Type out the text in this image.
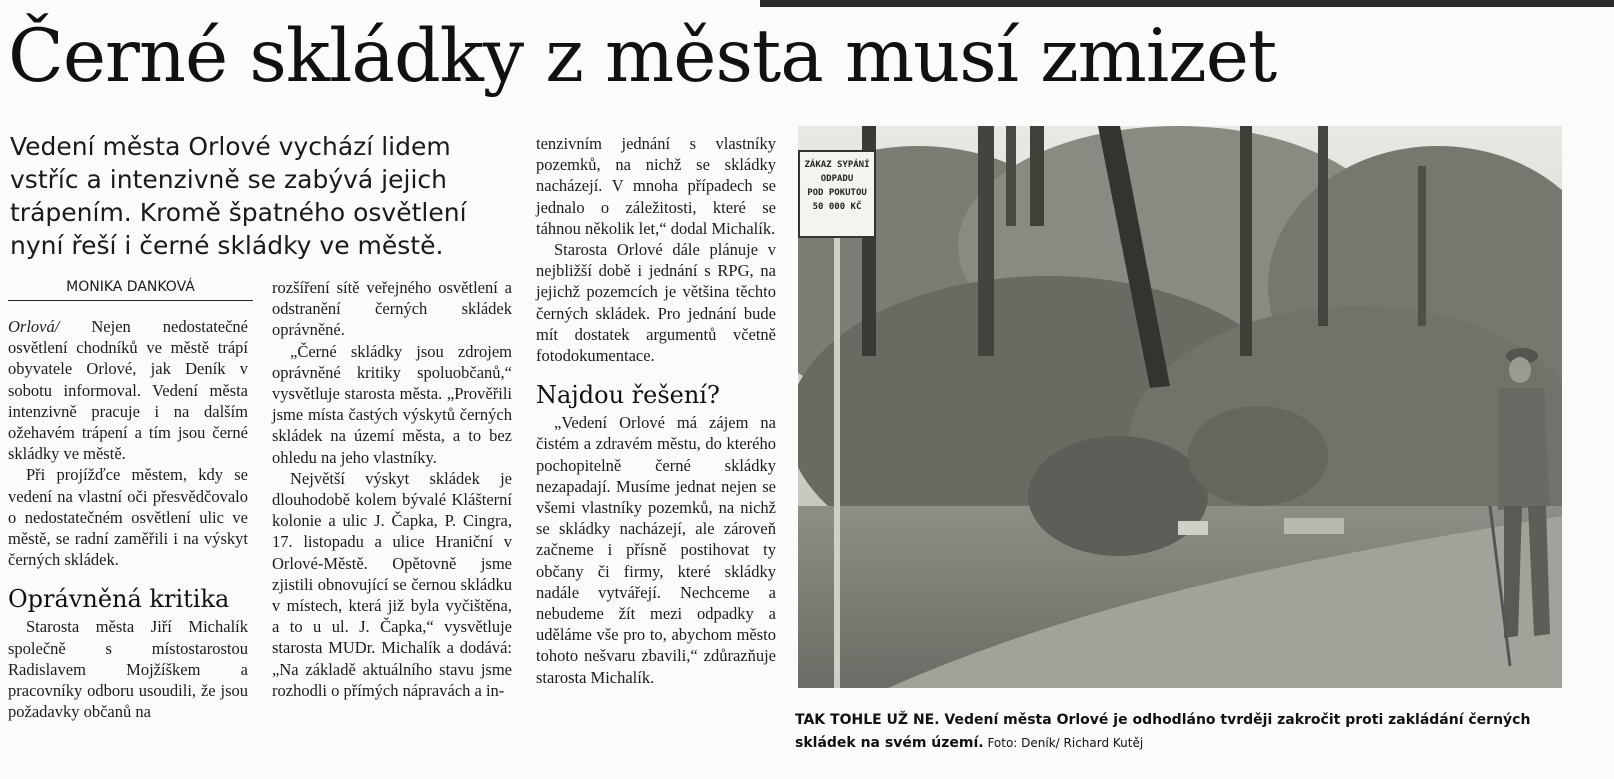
Černé skládky z města musí zmizet
Vedení města Orlové vychází lidem vstříc a intenzivně se zabývá jejich trápením. Kromě špatného osvětlení nyní řeší i černé skládky ve městě.
MONIKA DANKOVÁ

Orlová/ Nejen nedostatečné osvětlení chodníků ve městě trápí obyvatele Orlové, jak Deník v sobotu informoval. Vedení města intenzivně pracuje i na dalším ožehavém trápení a tím jsou černé skládky ve městě.

Při projížďce městem, kdy se vedení na vlastní oči přesvědčovalo o nedostatečném osvětlení ulic ve městě, se radní zaměřili i na výskyt černých skládek.

Oprávněná kritika

Starosta města Jiří Michalík společně s místostarostou Radislavem Mojžíškem a pracovníky odboru usoudili, že jsou požadavky občanů na

rozšíření sítě veřejného osvětlení a odstranění černých skládek oprávněné.

„Černé skládky jsou zdrojem oprávněné kritiky spoluobčanů,“ vysvětluje starosta města. „Prověřili jsme místa častých výskytů černých skládek na území města, a to bez ohledu na jeho vlastníky.

Největší výskyt skládek je dlouhodobě kolem bývalé Klášterní kolonie a ulic J. Čapka, P. Cingra, 17. listopadu a ulice Hraniční v Orlové-Městě. Opětovně jsme zjistili obnovující se černou skládku v místech, která již byla vyčištěna, a to u ul. J. Čapka,“ vysvětluje starosta MUDr. Michalík a dodává: „Na základě aktuálního stavu jsme rozhodli o přímých nápravách a in-

tenzivním jednání s vlastníky pozemků, na nichž se skládky nacházejí. V mnoha případech se jednalo o záležitosti, které se táhnou několik let,“ dodal Michalík.

Starosta Orlové dále plánuje v nejbližší době i jednání s RPG, na jejichž pozemcích je většina těchto černých skládek. Pro jednání bude mít dostatek argumentů včetně fotodokumentace.

Najdou řešení?

„Vedení Orlové má zájem na čistém a zdravém městu, do kterého pochopitelně černé skládky nezapadají. Musíme jednat nejen se všemi vlastníky pozemků, na nichž se skládky nacházejí, ale zároveň začneme i přísně postihovat ty občany či firmy, které skládky nadále vytvářejí. Nechceme a nebudeme žít mezi odpadky a uděláme vše pro to, abychom město tohoto nešvaru zbavili,“ zdůrazňuje starosta Michalík.

ZÁKAZ SYPÁNÍ
ODPADU
POD POKUTOU
50 000 KČ
TAK TOHLE UŽ NE. Vedení města Orlové je odhodláno tvrději zakročit proti zakládání černých skládek na svém území. Foto: Deník/ Richard Kutěj
